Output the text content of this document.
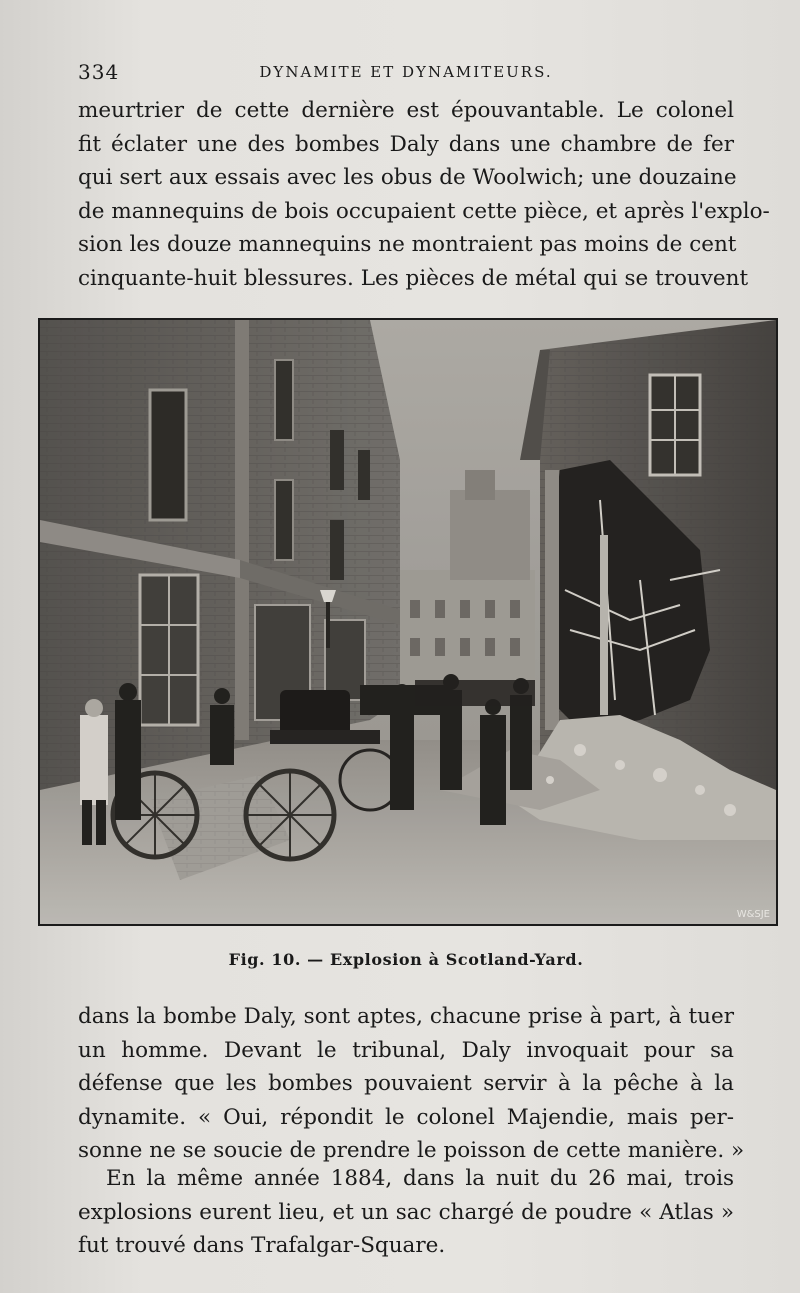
334	DYNAMITE ET DYNAMITEURS.

meurtrier de cette dernière est épouvantable. Le colonel
fit éclater une des bombes Daly dans une chambre de fer
qui sert aux essais avec les obus de Woolwich; une douzaine
de mannequins de bois occupaient cette pièce, et après l'explo-
sion les douze mannequins ne montraient pas moins de cent
cinquante-huit blessures. Les pièces de métal qui se trouvent

W&SJE
Fig. 10. — Explosion à Scotland-Yard.

dans la bombe Daly, sont aptes, chacune prise à part, à tuer
un homme. Devant le tribunal, Daly invoquait pour sa
défense que les bombes pouvaient servir à la pêche à la
dynamite. « Oui, répondit le colonel Majendie, mais per-
sonne ne se soucie de prendre le poisson de cette manière. »

En la même année 1884, dans la nuit du 26 mai, trois
explosions eurent lieu, et un sac chargé de poudre « Atlas »
fut trouvé dans Trafalgar-Square.
